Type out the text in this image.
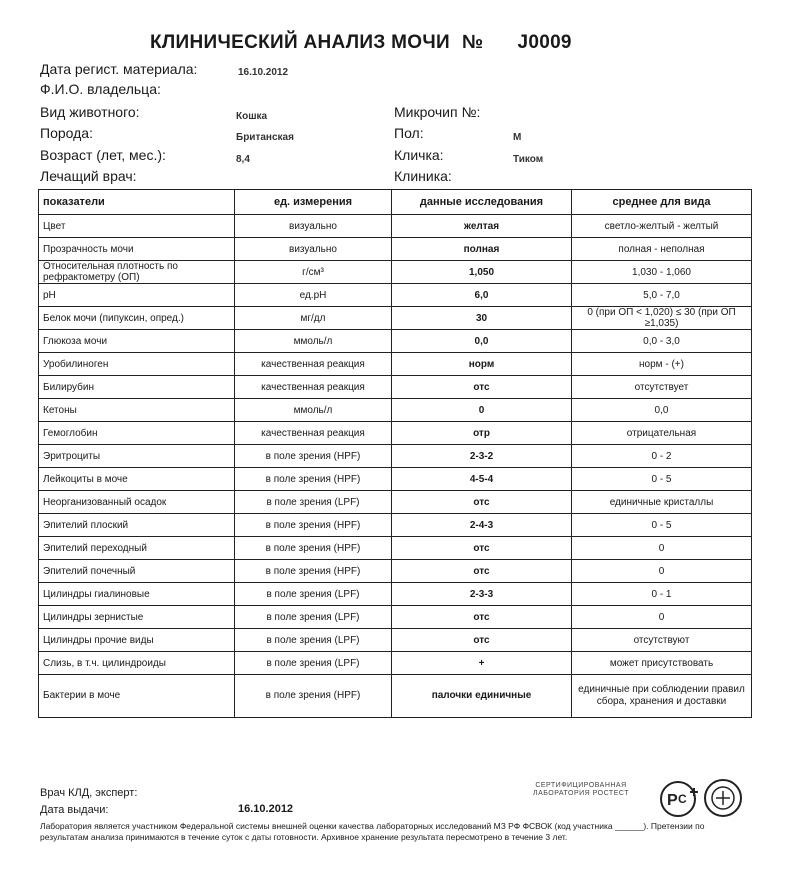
КЛИНИЧЕСКИЙ АНАЛИЗ МОЧИ № J0009
Дата регист. материала:	16.10.2012
Ф.И.О. владельца:
Вид животного:	Кошка
Порода:	Британская
Возраст (лет, мес.):	8,4
Лечащий врач:
Микрочип №:
Пол:	М
Кличка:	Тиком
Клиника:
показатели	ед. измерения	данные исследования	среднее для вида
Цвет	визуально	желтая	светло-желтый - желтый
Прозрачность мочи	визуально	полная	полная - неполная
Относительная плотность по рефрактометру (ОП)	г/см³	1,050	1,030 - 1,060
pH	ед.pH	6,0	5,0 - 7,0
Белок мочи (пипуксин, опред.)	мг/дл	30	0 (при ОП < 1,020) ≤ 30 (при ОП ≥1,035)
Глюкоза мочи	ммоль/л	0,0	0,0 - 3,0
Уробилиноген	качественная реакция	норм	норм - (+)
Билирубин	качественная реакция	отс	отсутствует
Кетоны	ммоль/л	0	0,0
Гемоглобин	качественная реакция	отр	отрицательная
Эритроциты	в поле зрения (HPF)	2-3-2	0 - 2
Лейкоциты в моче	в поле зрения (HPF)	4-5-4	0 - 5
Неорганизованный осадок	в поле зрения (LPF)	отс	единичные кристаллы
Эпителий плоский	в поле зрения (HPF)	2-4-3	0 - 5
Эпителий переходный	в поле зрения (HPF)	отс	0
Эпителий почечный	в поле зрения (HPF)	отс	0
Цилиндры гиалиновые	в поле зрения (LPF)	2-3-3	0 - 1
Цилиндры зернистые	в поле зрения (LPF)	отс	0
Цилиндры прочие виды	в поле зрения (LPF)	отс	отсутствуют
Слизь, в т.ч. цилиндроиды	в поле зрения (LPF)	+	может присутствовать
Бактерии в моче	в поле зрения (HPF)	палочки единичные	единичные при соблюдении правил сбора, хранения и доставки
Врач КЛД, эксперт:
Дата выдачи:	16.10.2012
СЕРТИФИЦИРОВАННАЯ ЛАБОРАТОРИЯ РОСТЕСТ	P C
Лаборатория является участником Федеральной системы внешней оценки качества лабораторных исследований МЗ РФ ФСВОК (код участника ______). Претензии по результатам анализа принимаются в течение суток с даты готовности. Архивное хранение результата пересмотрено в течение 3 лет.
